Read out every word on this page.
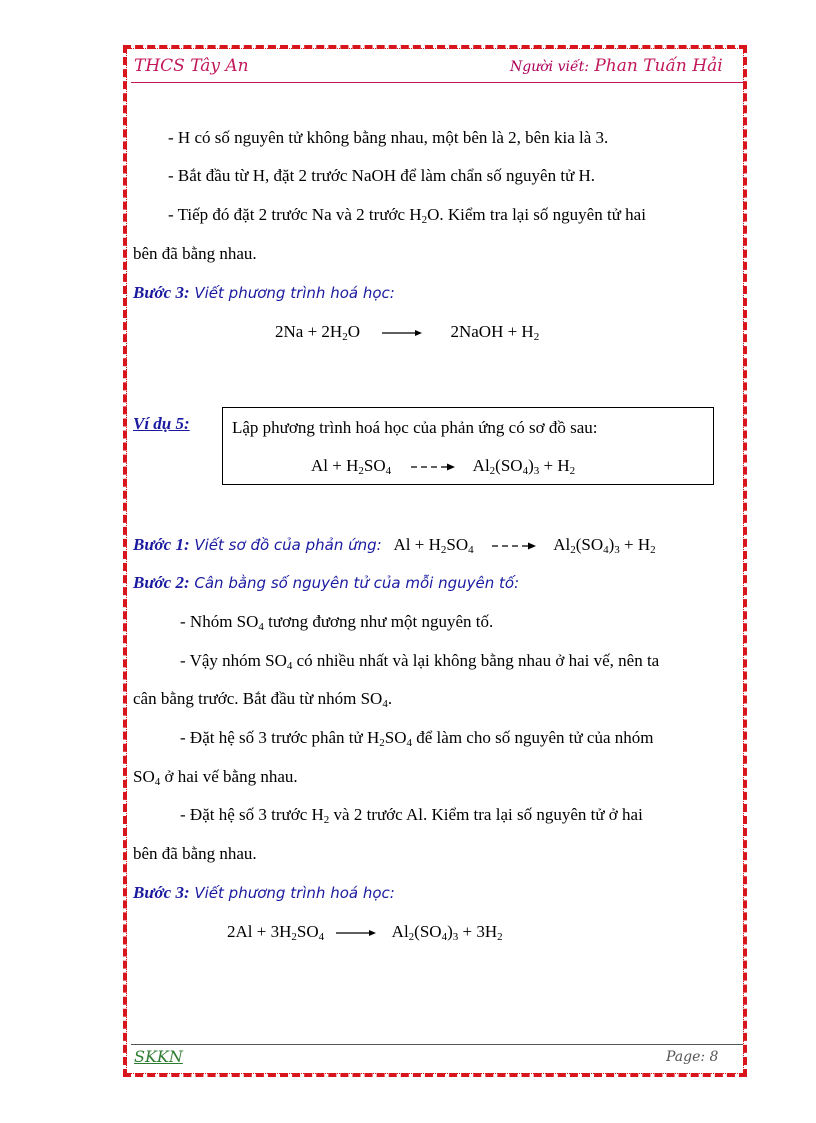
THCS Tây An	Người viết: Phan Tuấn Hải
- H có số nguyên tử không bằng nhau, một bên là 2, bên kia là 3.
- Bắt đầu từ H, đặt 2 trước NaOH để làm chẩn số nguyên tử H.
- Tiếp đó đặt 2 trước Na và 2 trước $H_2O$. Kiểm tra lại số nguyên tử hai
bên đã bằng nhau.
Bước 3: Viết phương trình hoá học:
$2Na + 2H_2O$	2NaOH + $H_2$
Ví dụ 5: Lập phương trình hoá học của phản ứng có sơ đồ sau:
$Al + H_2SO_4$	$Al_2(SO_4)_3 + H_2$
Bước 1: Viết sơ đồ của phản ứng: $Al + H_2SO_4$	$Al_2(SO_4)_3 + H_2$
Bước 2: Cân bằng số nguyên tử của mỗi nguyên tố:
- Nhóm $SO_4$ tương đương như một nguyên tố.
- Vậy nhóm $SO_4$ có nhiều nhất và lại không bằng nhau ở hai vế, nên ta
cân bằng trước. Bắt đầu từ nhóm $SO_4$.
- Đặt hệ số 3 trước phân tử $H_2SO_4$ để làm cho số nguyên tử của nhóm
$SO_4$ ở hai vế bằng nhau.
- Đặt hệ số 3 trước $H_2$ và 2 trước Al. Kiểm tra lại số nguyên tử ở hai
bên đã bằng nhau.
Bước 3: Viết phương trình hoá học:
$2Al + 3H_2SO_4$	$Al_2(SO_4)_3 + 3H_2$
SKKN	Page: 8
